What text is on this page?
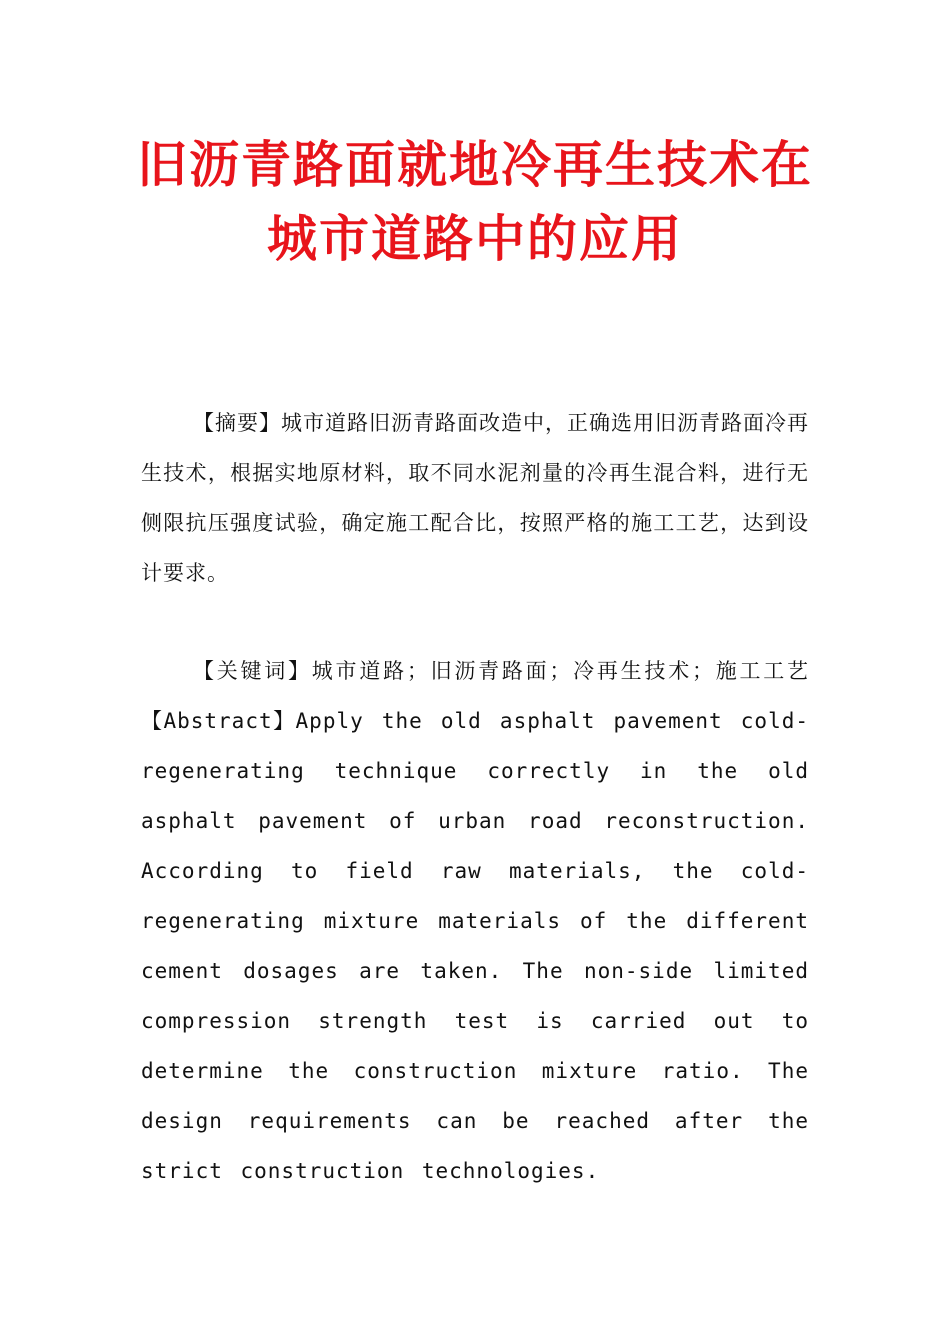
旧沥青路面就地冷再生技术在城市道路中的应用

【摘要】城市道路旧沥青路面改造中，正确选用旧沥青路面冷再生技术，根据实地原材料，取不同水泥剂量的冷再生混合料，进行无侧限抗压强度试验，确定施工配合比，按照严格的施工工艺，达到设计要求。

【关键词】城市道路；旧沥青路面；冷再生技术；施工工艺【Abstract】Apply the old asphalt pavement cold-regenerating technique correctly in the old asphalt pavement of urban road reconstruction. According to field raw materials, the cold-regenerating mixture materials of the different cement dosages are taken. The non-side limited compression strength test is carried out to determine the construction mixture ratio. The design requirements can be reached after the strict construction technologies.
